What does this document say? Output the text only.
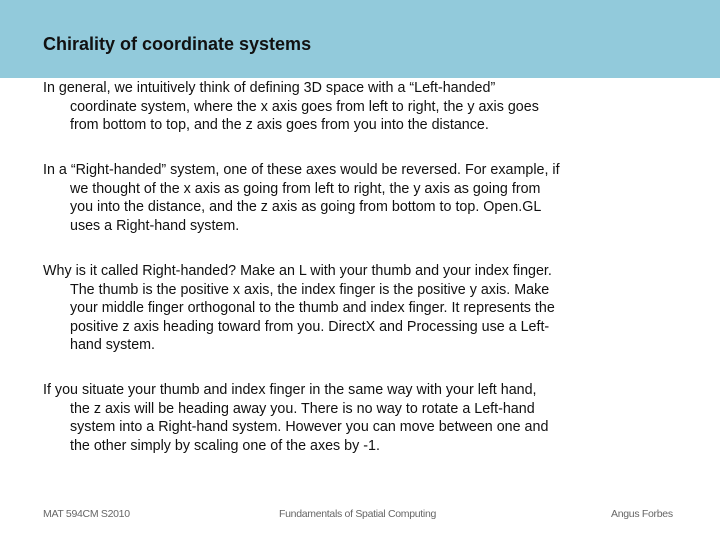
Chirality of coordinate systems
In general, we intuitively think of defining 3D space with a “Left-handed”
coordinate system, where the x axis goes from left to right, the y axis goes
from bottom to top, and the z axis goes from you into the distance.
In a “Right-handed” system, one of these axes would be reversed. For example, if
we thought of the x axis as going from left to right, the y axis as going from
you into the distance, and the z axis as going from bottom to top. Open.GL
uses a Right-hand system.
Why is it called Right-handed? Make an L with your thumb and your index finger.
The thumb is the positive x axis, the index finger is the positive y axis. Make
your middle finger orthogonal to the thumb and index finger. It represents the
positive z axis heading toward from you. DirectX and Processing use a Left-
hand system.
If you situate your thumb and index finger in the same way with your left hand,
the z axis will be heading away you. There is no way to rotate a Left-hand
system into a Right-hand system. However you can move between one and
the other simply by scaling one of the axes by -1.
MAT 594CM S2010	Fundamentals of Spatial Computing	Angus Forbes
